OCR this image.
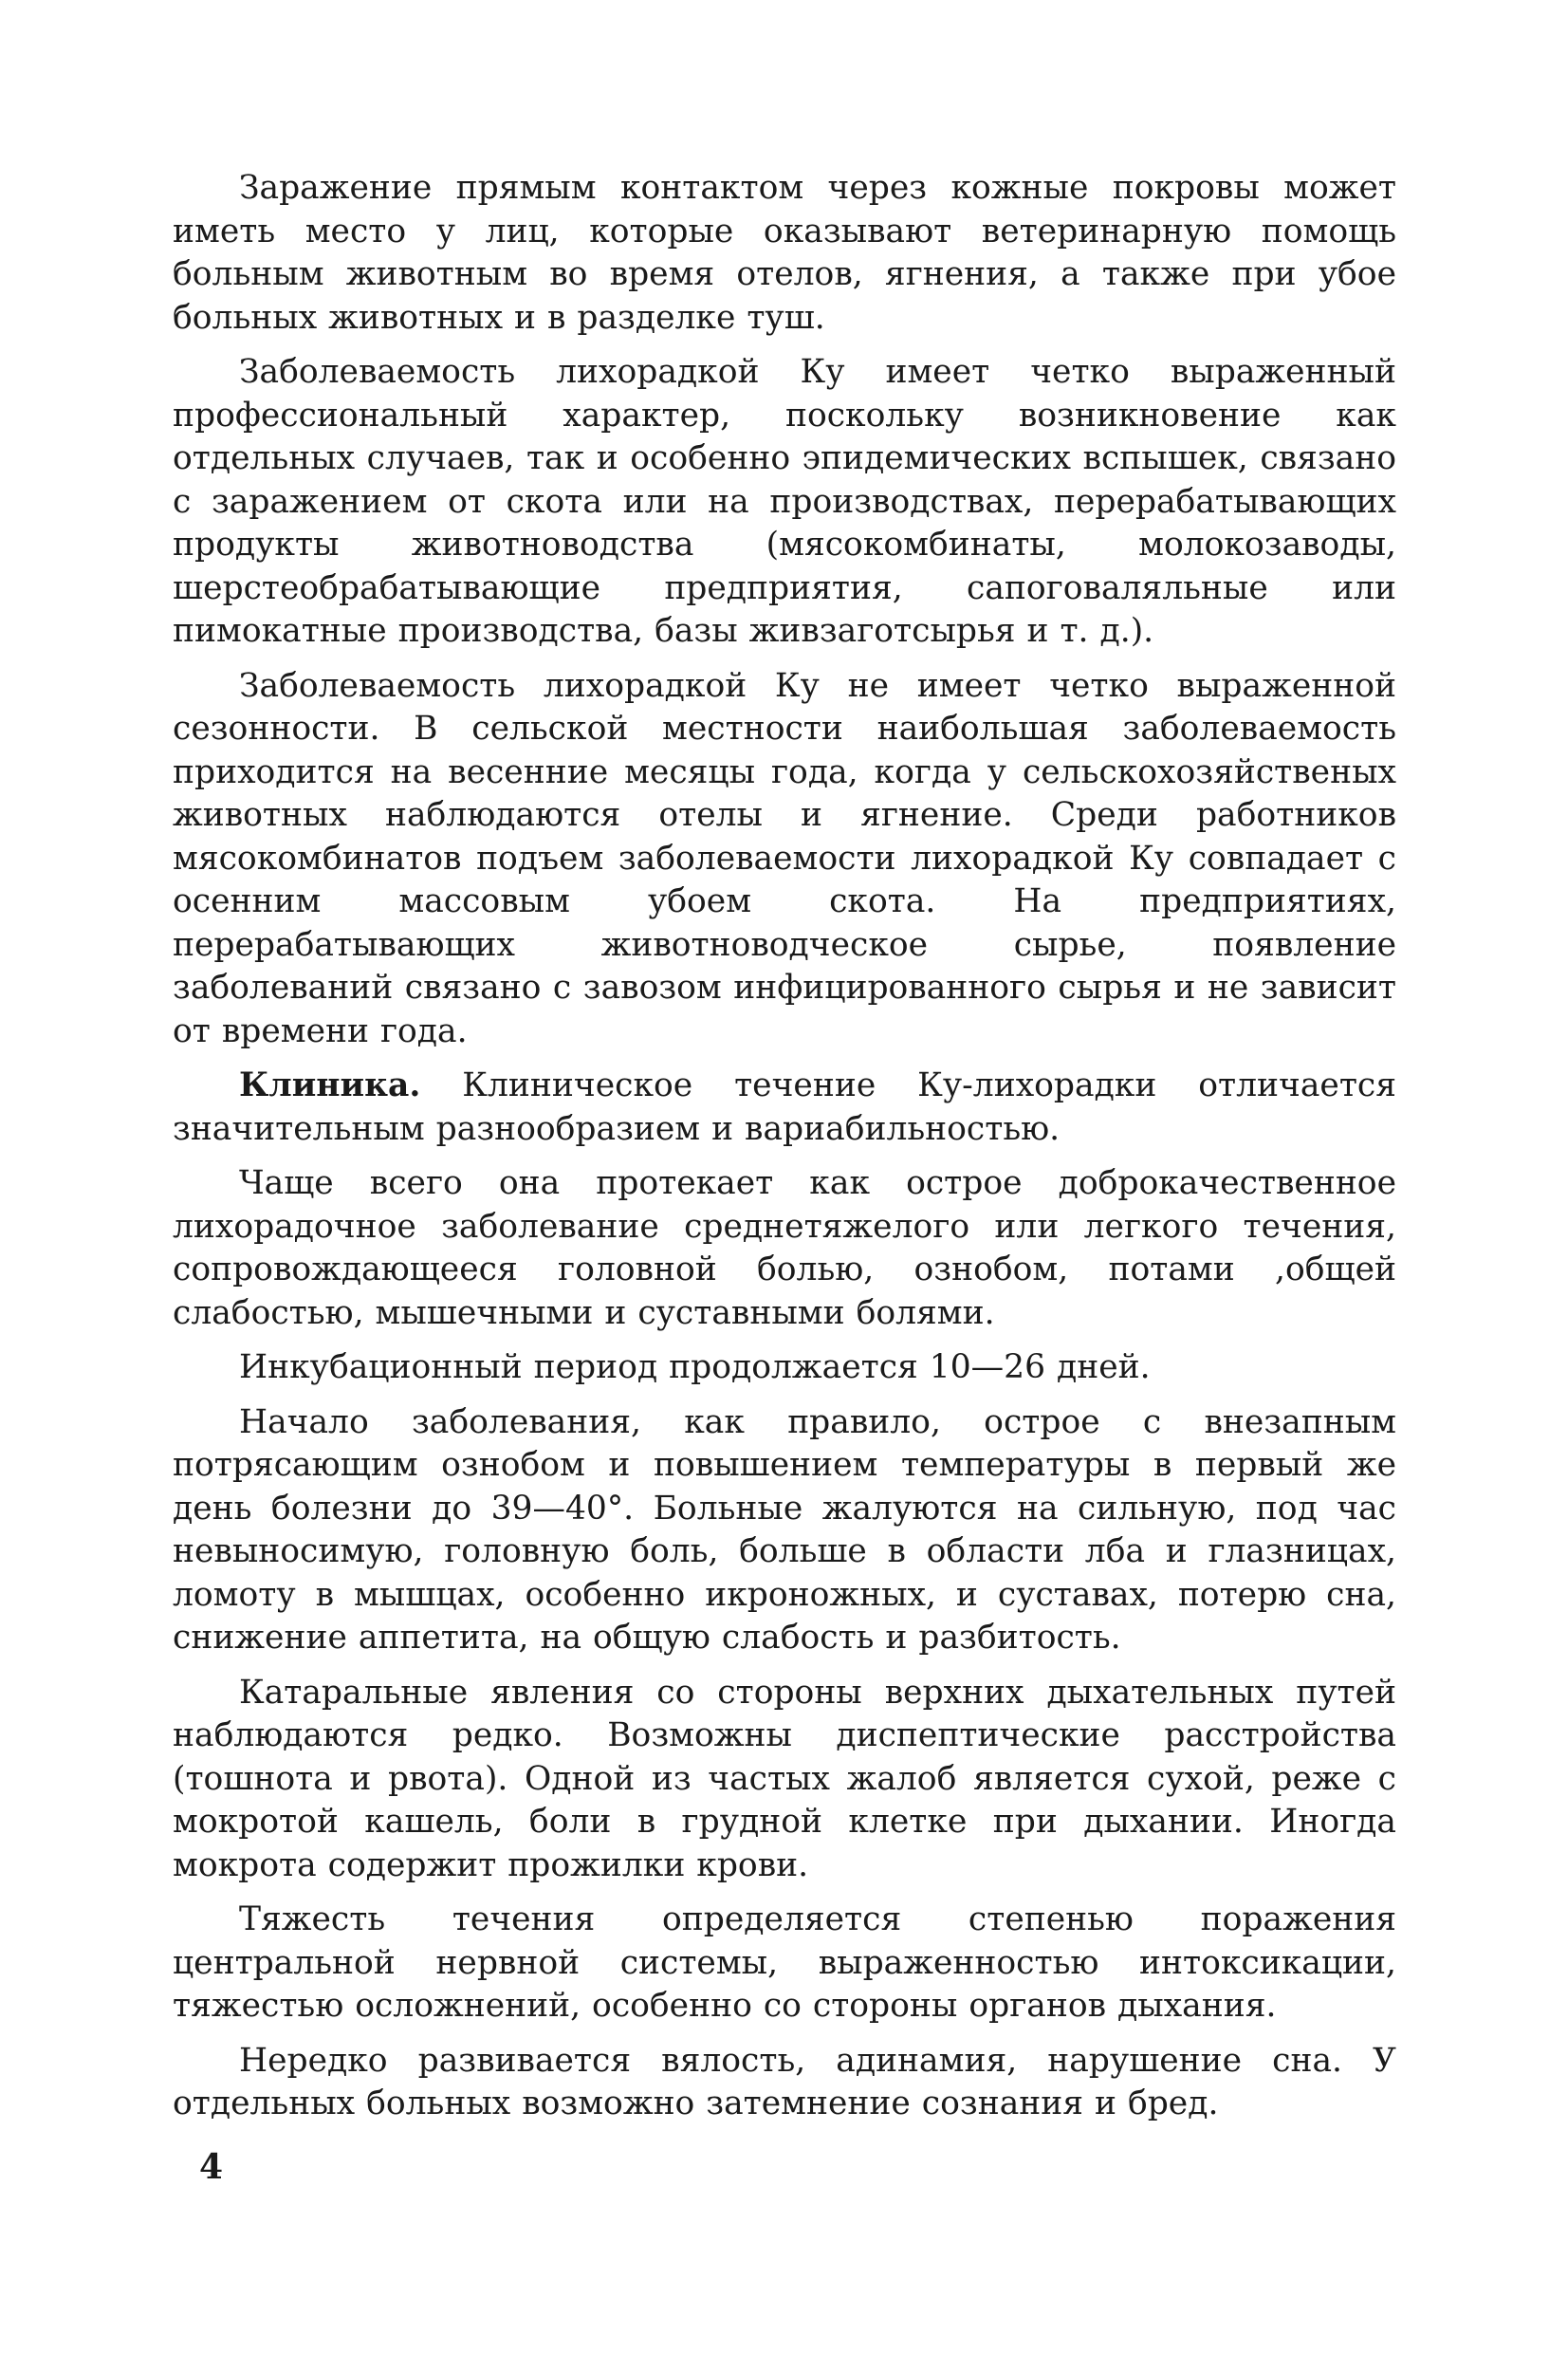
Заражение прямым контактом через кожные покровы может иметь место у лиц, которые оказывают ветеринарную помощь больным животным во время отелов, ягнения, а также при убое больных животных и в разделке туш.

Заболеваемость лихорадкой Ку имеет четко выраженный профессиональный характер, поскольку возникновение как отдельных случаев, так и особенно эпидемических вспышек, связано с заражением от скота или на производствах, перерабатывающих продукты животноводства (мясокомбинаты, молокозаводы, шерстеобрабатывающие предприятия, сапоговаляльные или пимокатные производства, базы живзаготсырья и т. д.).

Заболеваемость лихорадкой Ку не имеет четко выраженной сезонности. В сельской местности наибольшая заболеваемость приходится на весенние месяцы года, когда у сельскохозяйственых животных наблюдаются отелы и ягнение. Среди работников мясокомбинатов подъем заболеваемости лихорадкой Ку совпадает с осенним массовым убоем скота. На предприятиях, перерабатывающих животноводческое сырье, появление заболеваний связано с завозом инфицированного сырья и не зависит от времени года.

Клиника. Клиническое течение Ку-лихорадки отличается значительным разнообразием и вариабильностью.

Чаще всего она протекает как острое доброкачественное лихорадочное заболевание среднетяжелого или легкого течения, сопровождающееся головной болью, ознобом, потами ,общей слабостью, мышечными и суставными болями.

Инкубационный период продолжается 10—26 дней.

Начало заболевания, как правило, острое с внезапным потрясающим ознобом и повышением температуры в первый же день болезни до 39—40°. Больные жалуются на сильную, под час невыносимую, головную боль, больше в области лба и глазницах, ломоту в мышцах, особенно икроножных, и суставах, потерю сна, снижение аппетита, на общую слабость и разбитость.

Катаральные явления со стороны верхних дыхательных путей наблюдаются редко. Возможны диспептические расстройства (тошнота и рвота). Одной из частых жалоб является сухой, реже с мокротой кашель, боли в грудной клетке при дыхании. Иногда мокрота содержит прожилки крови.

Тяжесть течения определяется степенью поражения центральной нервной системы, выраженностью интоксикации, тяжестью осложнений, особенно со стороны органов дыхания.

Нередко развивается вялость, адинамия, нарушение сна. У отдельных больных возможно затемнение сознания и бред.

4
